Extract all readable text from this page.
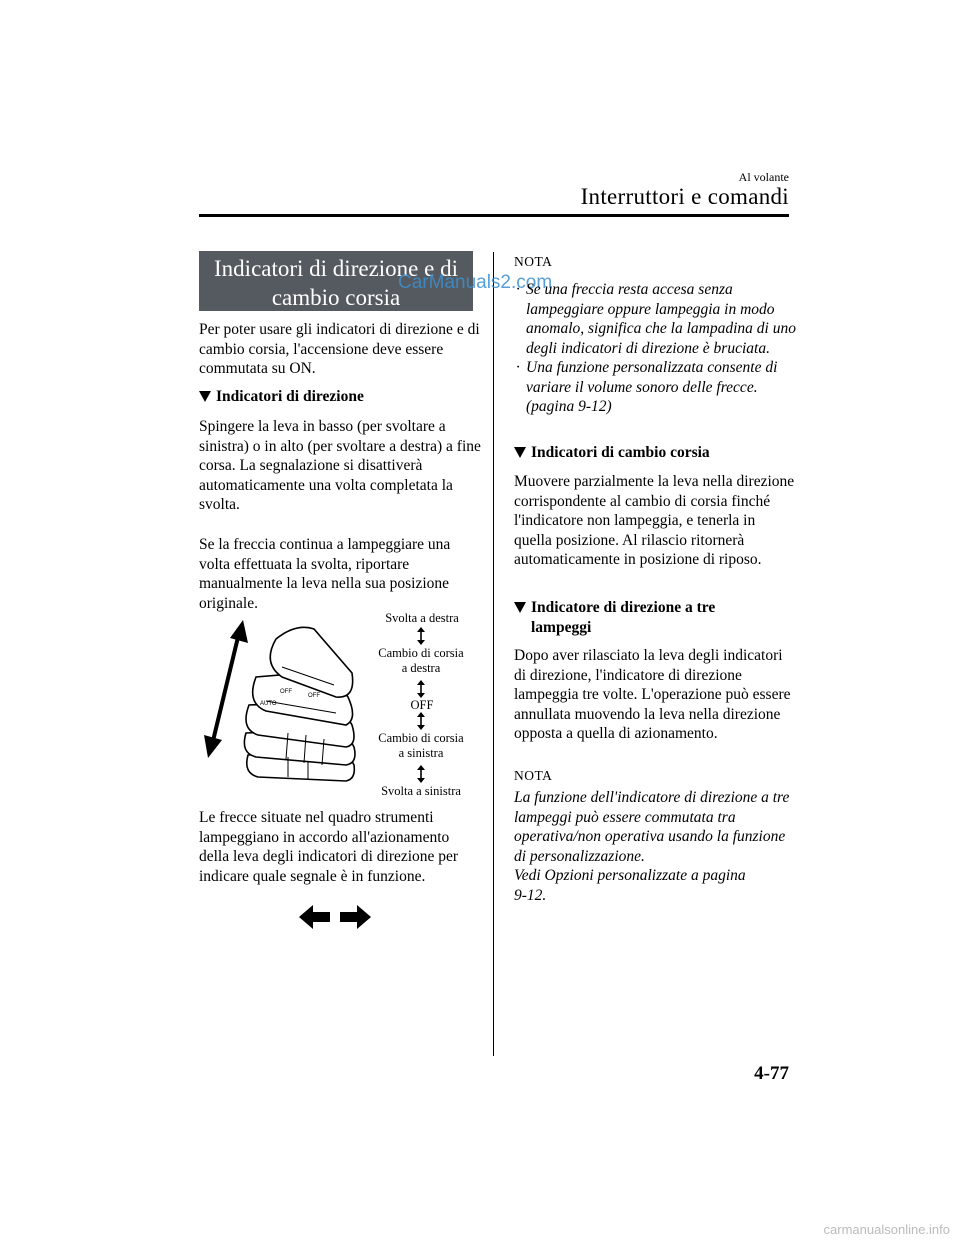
Al volante
Interruttori e comandi
Indicatori di direzione e di
cambio corsia
CarManuals2.com
Per poter usare gli indicatori di direzione e di cambio corsia, l'accensione deve essere commutata su ON.
Indicatori di direzione
Spingere la leva in basso (per svoltare a sinistra) o in alto (per svoltare a destra) a fine corsa. La segnalazione si disattiverà automaticamente una volta completata la svolta.
Se la freccia continua a lampeggiare una volta effettuata la svolta, riportare manualmente la leva nella sua posizione originale.
AUTO
OFF
OFF
Svolta a destra
Cambio di corsia
a destra
OFF
Cambio di corsia
a sinistra
Svolta a sinistra
Le frecce situate nel quadro strumenti lampeggiano in accordo all'azionamento della leva degli indicatori di direzione per indicare quale segnale è in funzione.
NOTA
· Se una freccia resta accesa senza lampeggiare oppure lampeggia in modo anomalo, significa che la lampadina di uno degli indicatori di direzione è bruciata.
· Una funzione personalizzata consente di variare il volume sonoro delle frecce. (pagina 9-12)
Indicatori di cambio corsia
Muovere parzialmente la leva nella direzione corrispondente al cambio di corsia finché l'indicatore non lampeggia, e tenerla in quella posizione. Al rilascio ritornerà automaticamente in posizione di riposo.
Indicatore di direzione a tre
lampeggi
Dopo aver rilasciato la leva degli indicatori di direzione, l'indicatore di direzione lampeggia tre volte. L'operazione può essere annullata muovendo la leva nella direzione opposta a quella di azionamento.
NOTA
La funzione dell'indicatore di direzione a tre lampeggi può essere commutata tra operativa/non operativa usando la funzione di personalizzazione.
Vedi Opzioni personalizzate a pagina
9-12.
4-77
carmanualsonline.info
